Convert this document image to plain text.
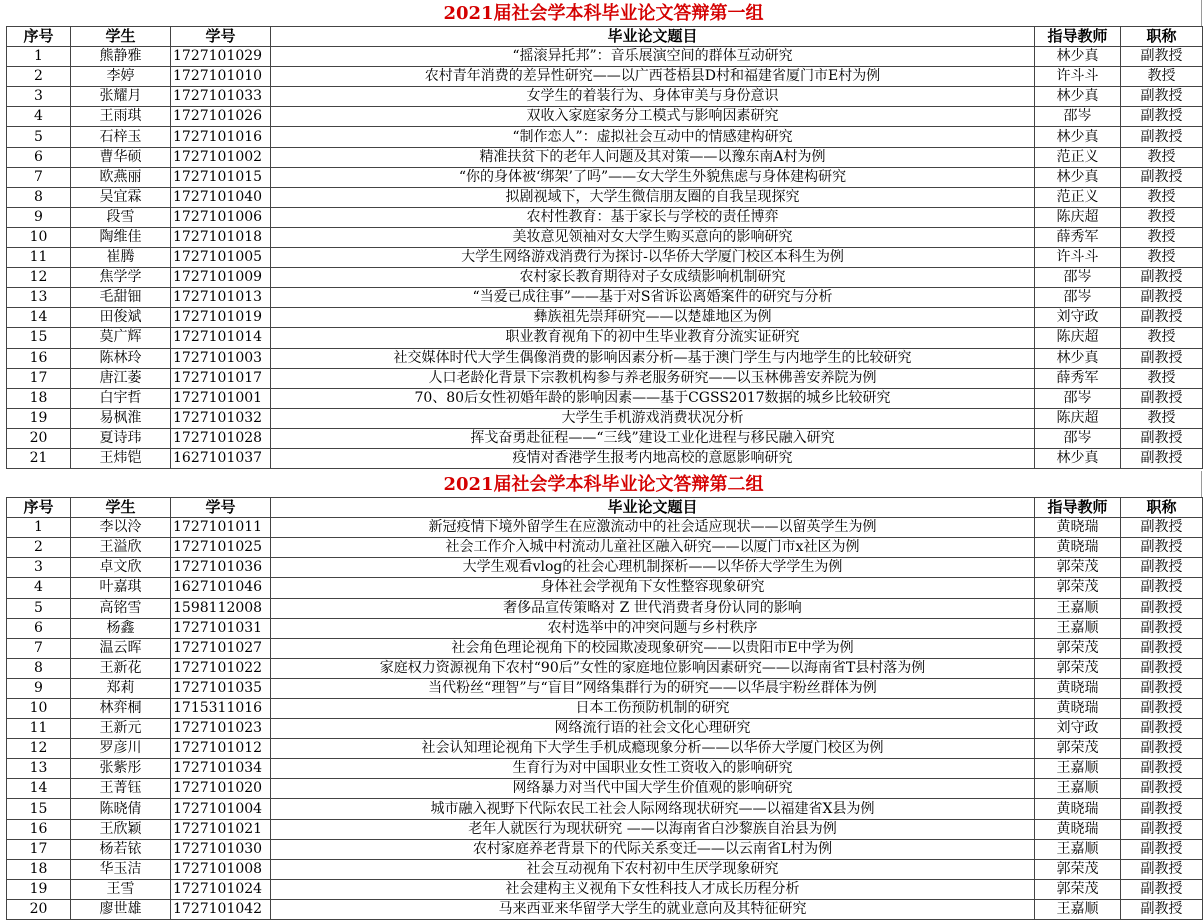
2021届社会学本科毕业论文答辩第一组
序号	学生	学号	毕业论文题目	指导教师	职称
1	熊静雅	1727101029	“摇滚异托邦”：音乐展演空间的群体互动研究	林少真	副教授
2	李婷	1727101010	农村青年消费的差异性研究——以广西苍梧县D村和福建省厦门市E村为例	许斗斗	教授
3	张耀月	1727101033	女学生的着装行为、身体审美与身份意识	林少真	副教授
4	王雨琪	1727101026	双收入家庭家务分工模式与影响因素研究	邵岑	副教授
5	石梓玉	1727101016	“制作恋人”：虚拟社会互动中的情感建构研究	林少真	副教授
6	曹华硕	1727101002	精准扶贫下的老年人问题及其对策——以豫东南A村为例	范正义	教授
7	欧燕丽	1727101015	“你的身体被‘绑架’了吗”——女大学生外貌焦虑与身体建构研究	林少真	副教授
8	吴宜霖	1727101040	拟剧视域下，大学生微信朋友圈的自我呈现探究	范正义	教授
9	段雪	1727101006	农村性教育：基于家长与学校的责任博弈	陈庆超	教授
10	陶维佳	1727101018	美妆意见领袖对女大学生购买意向的影响研究	薛秀军	教授
11	崔腾	1727101005	大学生网络游戏消费行为探讨-以华侨大学厦门校区本科生为例	许斗斗	教授
12	焦学学	1727101009	农村家长教育期待对子女成绩影响机制研究	邵岑	副教授
13	毛甜钿	1727101013	“当爱已成往事”——基于对S省诉讼离婚案件的研究与分析	邵岑	副教授
14	田俊斌	1727101019	彝族祖先崇拜研究——以楚雄地区为例	刘守政	副教授
15	莫广辉	1727101014	职业教育视角下的初中生毕业教育分流实证研究	陈庆超	教授
16	陈林玲	1727101003	社交媒体时代大学生偶像消费的影响因素分析—基于澳门学生与内地学生的比较研究	林少真	副教授
17	唐江萎	1727101017	人口老龄化背景下宗教机构参与养老服务研究——以玉林佛善安养院为例	薛秀军	教授
18	白宇哲	1727101001	70、80后女性初婚年龄的影响因素——基于CGSS2017数据的城乡比较研究	邵岑	副教授
19	易枫淮	1727101032	大学生手机游戏消费状况分析	陈庆超	教授
20	夏诗玮	1727101028	挥戈奋勇赴征程——“三线”建设工业化进程与移民融入研究	邵岑	副教授
21	王炜铠	1627101037	疫情对香港学生报考内地高校的意愿影响研究	林少真	副教授
2021届社会学本科毕业论文答辩第二组
序号	学生	学号	毕业论文题目	指导教师	职称
1	李以泠	1727101011	新冠疫情下境外留学生在应激流动中的社会适应现状——以留英学生为例	黄晓瑞	副教授
2	王溢欣	1727101025	社会工作介入城中村流动儿童社区融入研究——以厦门市x社区为例	黄晓瑞	副教授
3	卓文欣	1727101036	大学生观看vlog的社会心理机制探析——以华侨大学学生为例	郭荣茂	副教授
4	叶嘉琪	1627101046	身体社会学视角下女性整容现象研究	郭荣茂	副教授
5	高铭雪	1598112008	奢侈品宣传策略对 Z 世代消费者身份认同的影响	王嘉顺	副教授
6	杨鑫	1727101031	农村选举中的冲突问题与乡村秩序	王嘉顺	副教授
7	温云晖	1727101027	社会角色理论视角下的校园欺凌现象研究——以贵阳市E中学为例	郭荣茂	副教授
8	王新花	1727101022	家庭权力资源视角下农村“90后”女性的家庭地位影响因素研究——以海南省T县村落为例	郭荣茂	副教授
9	郑莉	1727101035	当代粉丝“理智”与“盲目”网络集群行为的研究——以华晨宇粉丝群体为例	黄晓瑞	副教授
10	林弈桐	1715311016	日本工伤预防机制的研究	黄晓瑞	副教授
11	王新元	1727101023	网络流行语的社会文化心理研究	刘守政	副教授
12	罗彦川	1727101012	社会认知理论视角下大学生手机成瘾现象分析——以华侨大学厦门校区为例	郭荣茂	副教授
13	张紫彤	1727101034	生育行为对中国职业女性工资收入的影响研究	王嘉顺	副教授
14	王菁钰	1727101020	网络暴力对当代中国大学生价值观的影响研究	王嘉顺	副教授
15	陈晓倩	1727101004	城市融入视野下代际农民工社会人际网络现状研究——以福建省X县为例	黄晓瑞	副教授
16	王欣颖	1727101021	老年人就医行为现状研究 ——以海南省白沙黎族自治县为例	黄晓瑞	副教授
17	杨若铱	1727101030	农村家庭养老背景下的代际关系变迁——以云南省L村为例	王嘉顺	副教授
18	华玉洁	1727101008	社会互动视角下农村初中生厌学现象研究	郭荣茂	副教授
19	王雪	1727101024	社会建构主义视角下女性科技人才成长历程分析	郭荣茂	副教授
20	廖世雄	1727101042	马来西亚来华留学大学生的就业意向及其特征研究	王嘉顺	副教授
